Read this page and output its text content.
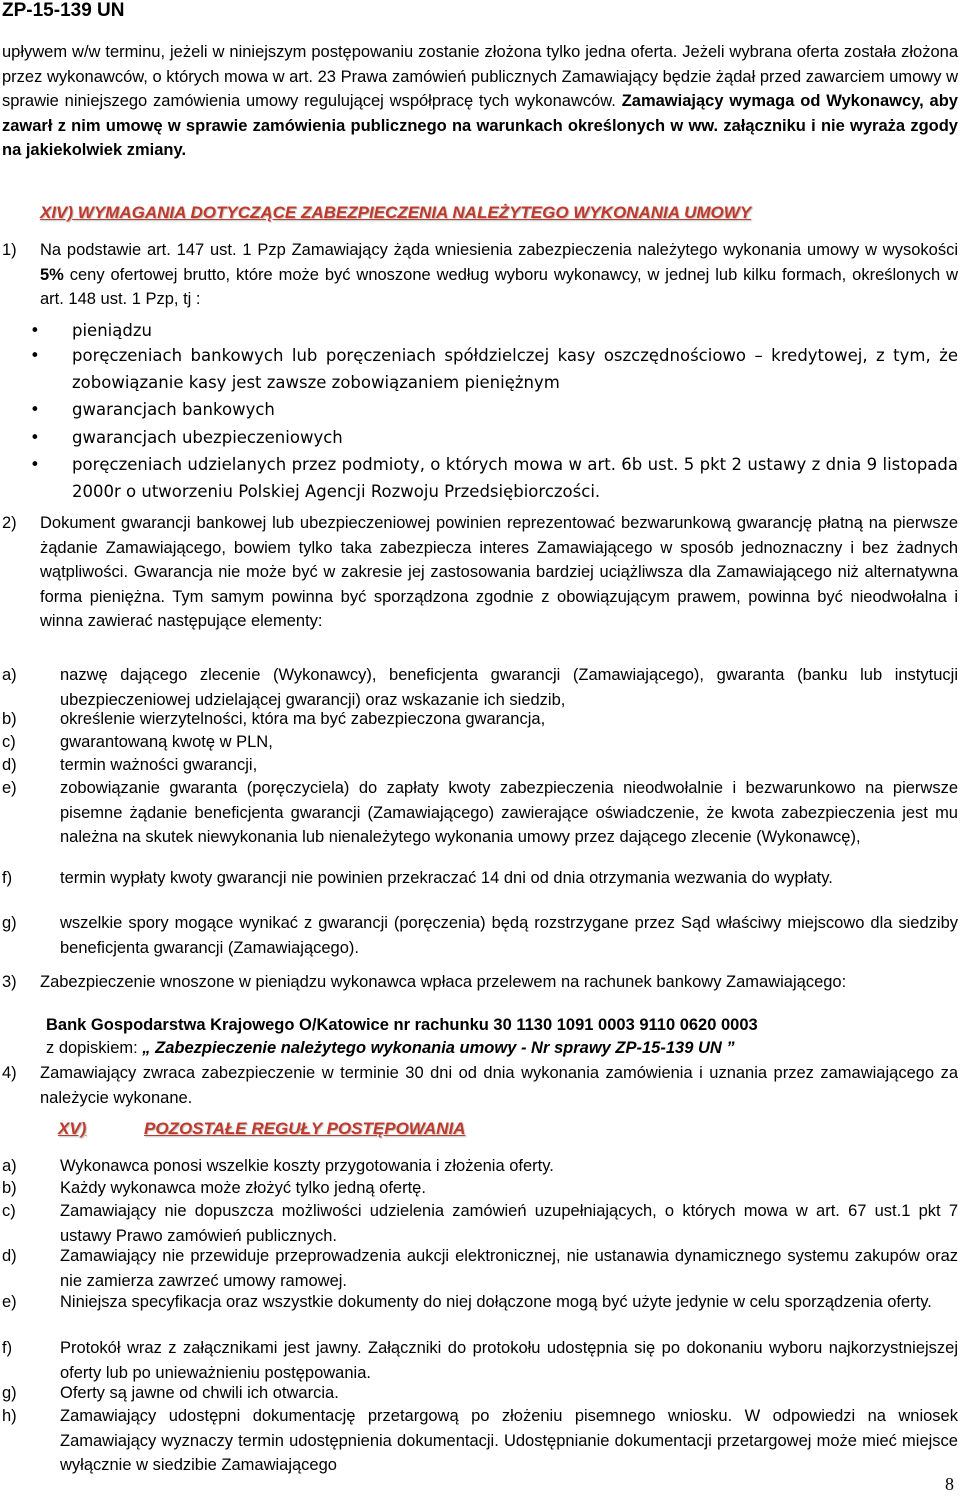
ZP-15-139 UN
upływem w/w terminu, jeżeli w niniejszym postępowaniu zostanie złożona tylko jedna oferta. Jeżeli wybrana oferta została złożona przez wykonawców, o których mowa w art. 23 Prawa zamówień publicznych Zamawiający będzie żądał przed zawarciem umowy w sprawie niniejszego zamówienia umowy regulującej współpracę tych wykonawców. Zamawiający wymaga od Wykonawcy, aby zawarł z nim umowę w sprawie zamówienia publicznego na warunkach określonych w ww. załączniku i nie wyraża zgody na jakiekolwiek zmiany.
XIV) WYMAGANIA DOTYCZĄCE ZABEZPIECZENIA NALEŻYTEGO WYKONANIA UMOWY
1) Na podstawie art. 147 ust. 1 Pzp Zamawiający żąda wniesienia zabezpieczenia należytego wykonania umowy w wysokości 5% ceny ofertowej brutto, które może być wnoszone według wyboru wykonawcy, w jednej lub kilku formach, określonych w art. 148 ust. 1 Pzp, tj :
• pieniądzu
• poręczeniach bankowych lub poręczeniach spółdzielczej kasy oszczędnościowo – kredytowej, z tym, że zobowiązanie kasy jest zawsze zobowiązaniem pieniężnym
• gwarancjach bankowych
• gwarancjach ubezpieczeniowych
• poręczeniach udzielanych przez podmioty, o których mowa w art. 6b ust. 5 pkt 2 ustawy z dnia 9 listopada 2000r o utworzeniu Polskiej Agencji Rozwoju Przedsiębiorczości.
2) Dokument gwarancji bankowej lub ubezpieczeniowej powinien reprezentować bezwarunkową gwarancję płatną na pierwsze żądanie Zamawiającego, bowiem tylko taka zabezpiecza interes Zamawiającego w sposób jednoznaczny i bez żadnych wątpliwości. Gwarancja nie może być w zakresie jej zastosowania bardziej uciążliwsza dla Zamawiającego niż alternatywna forma pieniężna. Tym samym powinna być sporządzona zgodnie z obowiązującym prawem, powinna być nieodwołalna i winna zawierać następujące elementy:
a)	nazwę dającego zlecenie (Wykonawcy), beneficjenta gwarancji (Zamawiającego), gwaranta (banku lub instytucji ubezpieczeniowej udzielającej gwarancji) oraz wskazanie ich siedzib,
b)	określenie wierzytelności, która ma być zabezpieczona gwarancja,
c)	gwarantowaną kwotę w PLN,
d)	termin ważności gwarancji,
e)	zobowiązanie gwaranta (poręczyciela) do zapłaty kwoty zabezpieczenia nieodwołalnie i bezwarunkowo na pierwsze pisemne żądanie beneficjenta gwarancji (Zamawiającego) zawierające oświadczenie, że kwota zabezpieczenia jest mu należna na skutek niewykonania lub nienależytego wykonania umowy przez dającego zlecenie (Wykonawcę),
f)	termin wypłaty kwoty gwarancji nie powinien przekraczać 14 dni od dnia otrzymania wezwania do wypłaty.
g)	wszelkie spory mogące wynikać z gwarancji (poręczenia) będą rozstrzygane przez Sąd właściwy miejscowo dla siedziby beneficjenta gwarancji (Zamawiającego).
3) Zabezpieczenie wnoszone w pieniądzu wykonawca wpłaca przelewem na rachunek bankowy Zamawiającego:
Bank Gospodarstwa Krajowego O/Katowice nr rachunku 30 1130 1091 0003 9110 0620 0003
z dopiskiem: „ Zabezpieczenie należytego wykonania umowy - Nr sprawy ZP-15-139 UN ”
4) Zamawiający zwraca zabezpieczenie w terminie 30 dni od dnia wykonania zamówienia i uznania przez zamawiającego za należycie wykonane.
XV)	POZOSTAŁE REGUŁY POSTĘPOWANIA
a)	Wykonawca ponosi wszelkie koszty przygotowania i złożenia oferty.
b)	Każdy wykonawca może złożyć tylko jedną ofertę.
c)	Zamawiający nie dopuszcza możliwości udzielenia zamówień uzupełniających, o których mowa w art. 67 ust.1 pkt 7 ustawy Prawo zamówień publicznych.
d)	Zamawiający nie przewiduje przeprowadzenia aukcji elektronicznej, nie ustanawia dynamicznego systemu zakupów oraz nie zamierza zawrzeć umowy ramowej.
e)	Niniejsza specyfikacja oraz wszystkie dokumenty do niej dołączone mogą być użyte jedynie w celu sporządzenia oferty.
f)	Protokół wraz z załącznikami jest jawny. Załączniki do protokołu udostępnia się po dokonaniu wyboru najkorzystniejszej oferty lub po unieważnieniu postępowania.
g)	Oferty są jawne od chwili ich otwarcia.
h)	Zamawiający udostępni dokumentację przetargową po złożeniu pisemnego wniosku. W odpowiedzi na wniosek Zamawiający wyznaczy termin udostępnienia dokumentacji. Udostępnianie dokumentacji przetargowej może mieć miejsce wyłącznie w siedzibie Zamawiającego
8
